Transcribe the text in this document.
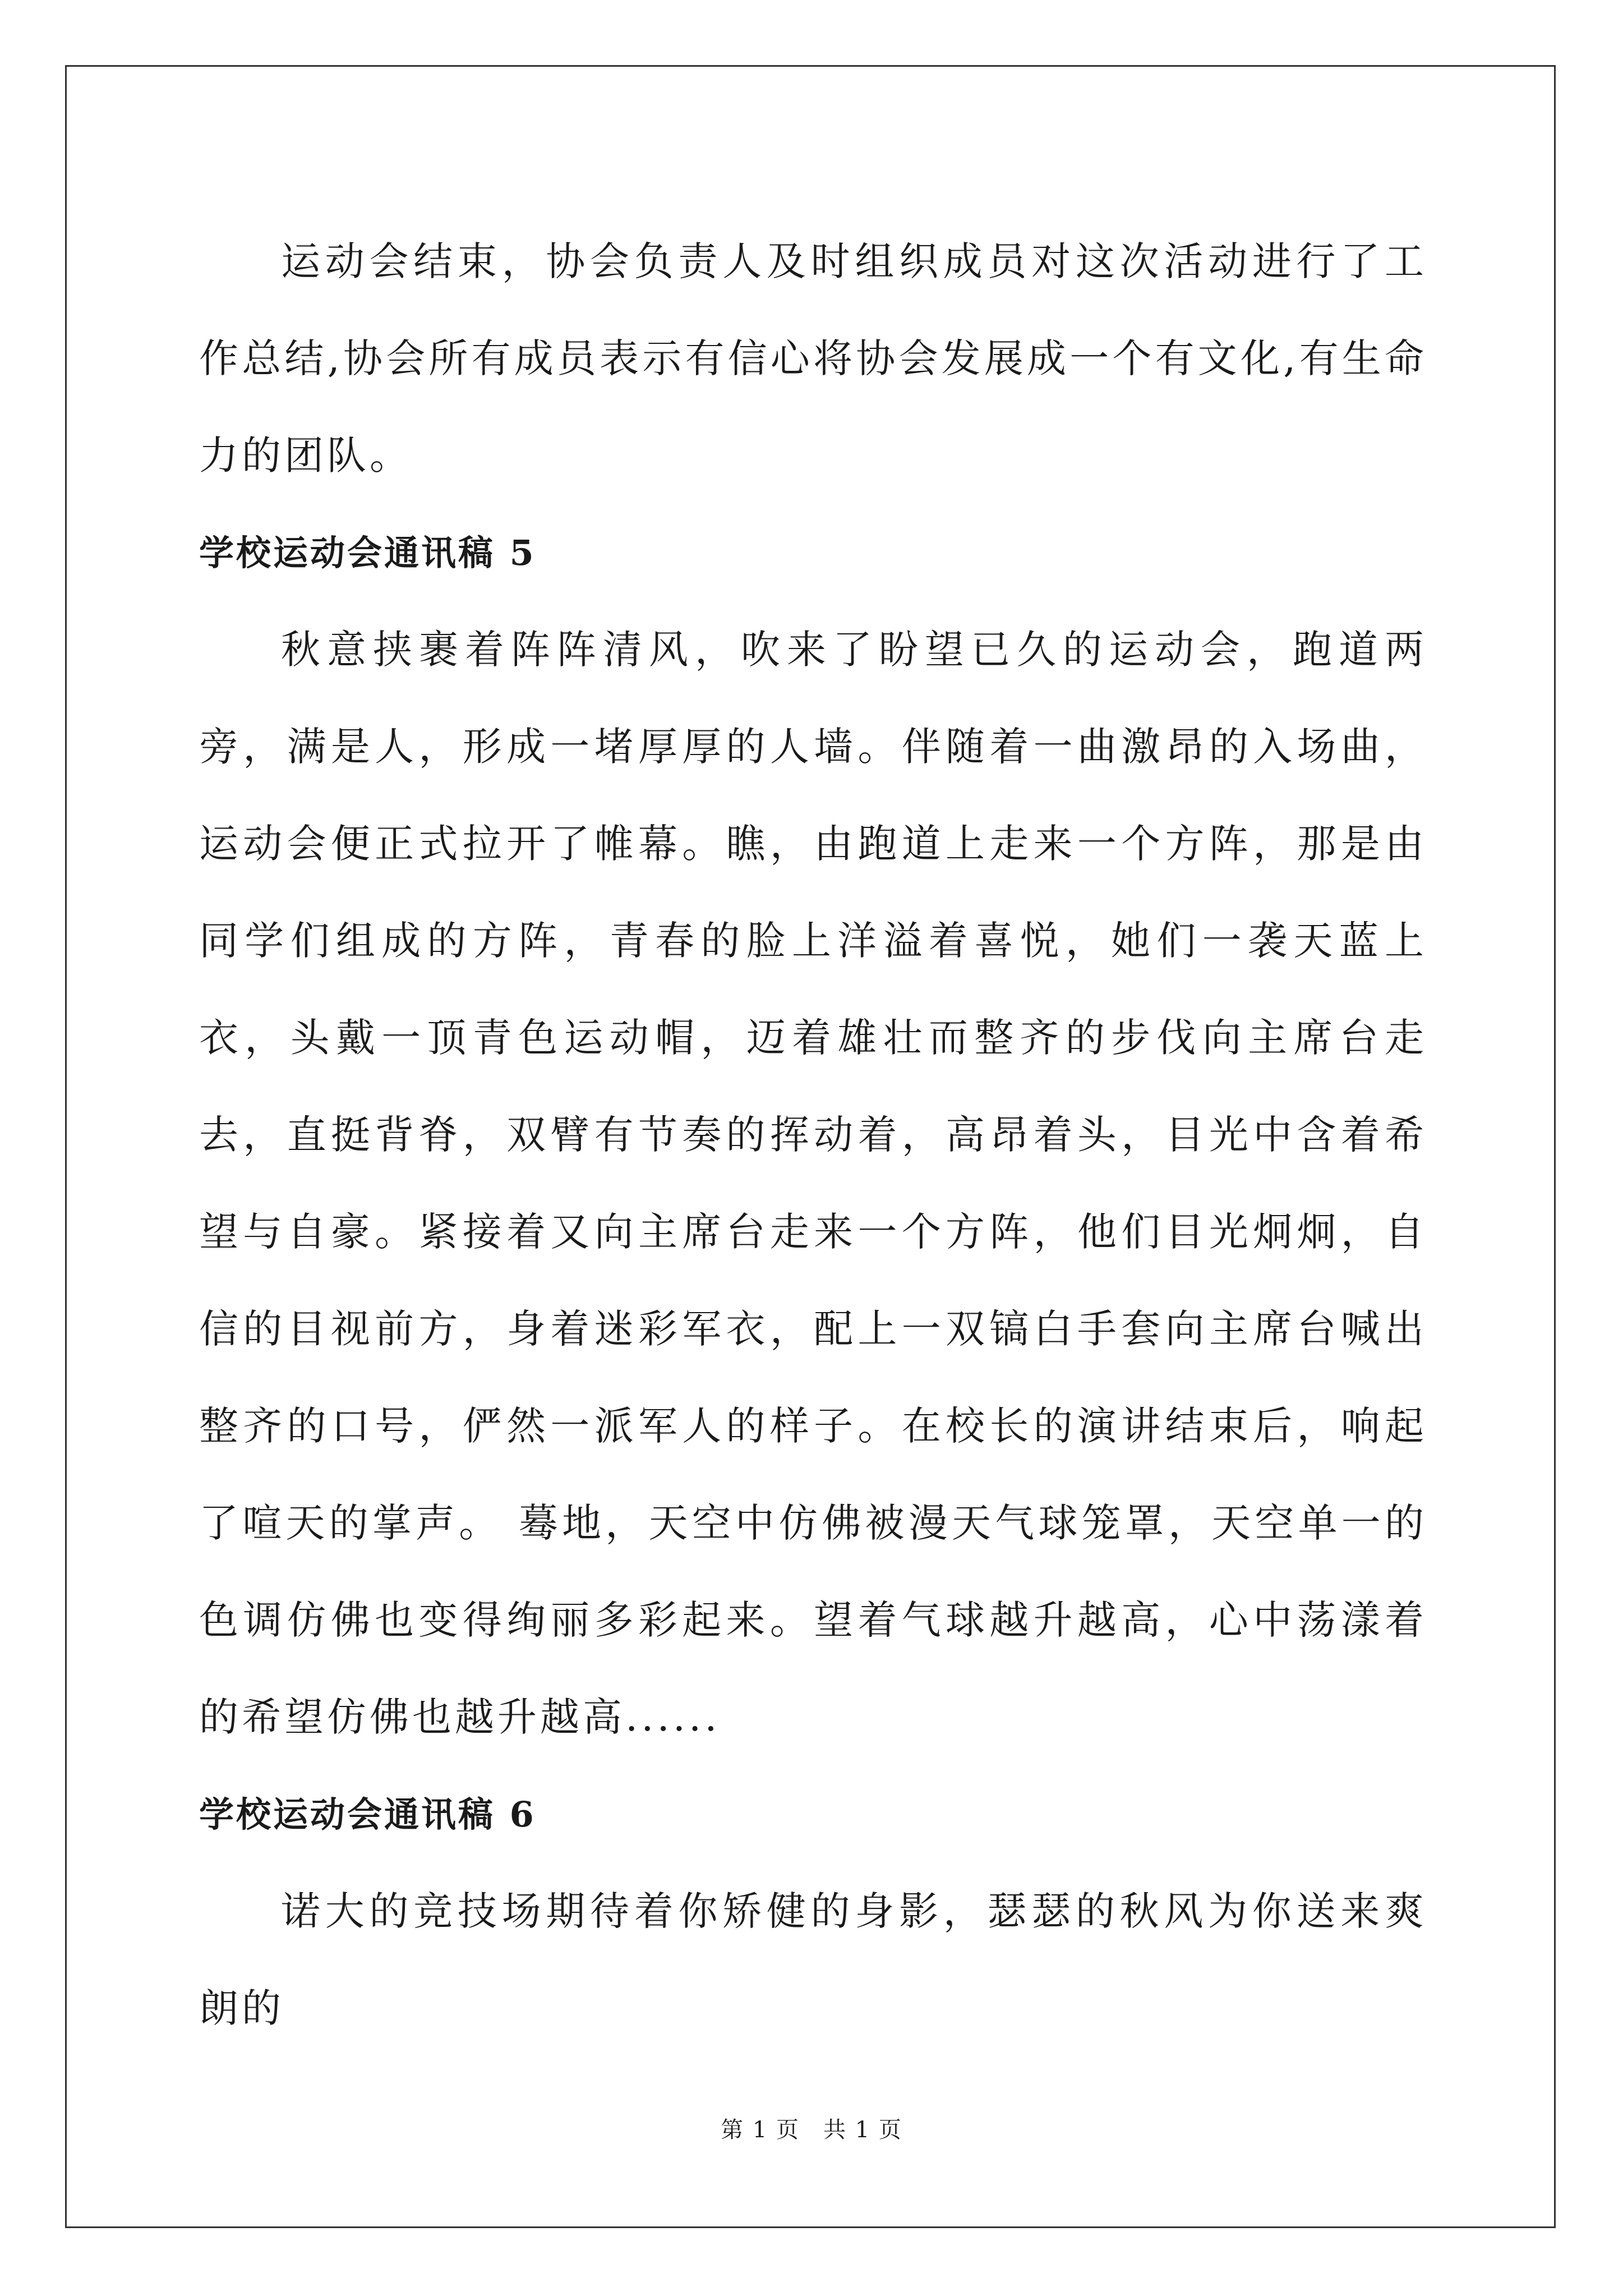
运动会结束，协会负责人及时组织成员对这次活动进行了工作总结,协会所有成员表示有信心将协会发展成一个有文化,有生命力的团队。

学校运动会通讯稿 5

秋意挟裹着阵阵清风，吹来了盼望已久的运动会，跑道两旁，满是人，形成一堵厚厚的人墙。伴随着一曲激昂的入场曲，运动会便正式拉开了帷幕。瞧，由跑道上走来一个方阵，那是由同学们组成的方阵，青春的脸上洋溢着喜悦，她们一袭天蓝上衣，头戴一顶青色运动帽，迈着雄壮而整齐的步伐向主席台走去，直挺背脊，双臂有节奏的挥动着，高昂着头，目光中含着希望与自豪。紧接着又向主席台走来一个方阵，他们目光炯炯，自信的目视前方，身着迷彩军衣，配上一双镐白手套向主席台喊出整齐的口号，俨然一派军人的样子。在校长的演讲结束后，响起了喧天的掌声。 蓦地，天空中仿佛被漫天气球笼罩，天空单一的色调仿佛也变得绚丽多彩起来。望着气球越升越高，心中荡漾着的希望仿佛也越升越高......

学校运动会通讯稿 6

诺大的竞技场期待着你矫健的身影，瑟瑟的秋风为你送来爽朗的

第 1 页　共 1 页
